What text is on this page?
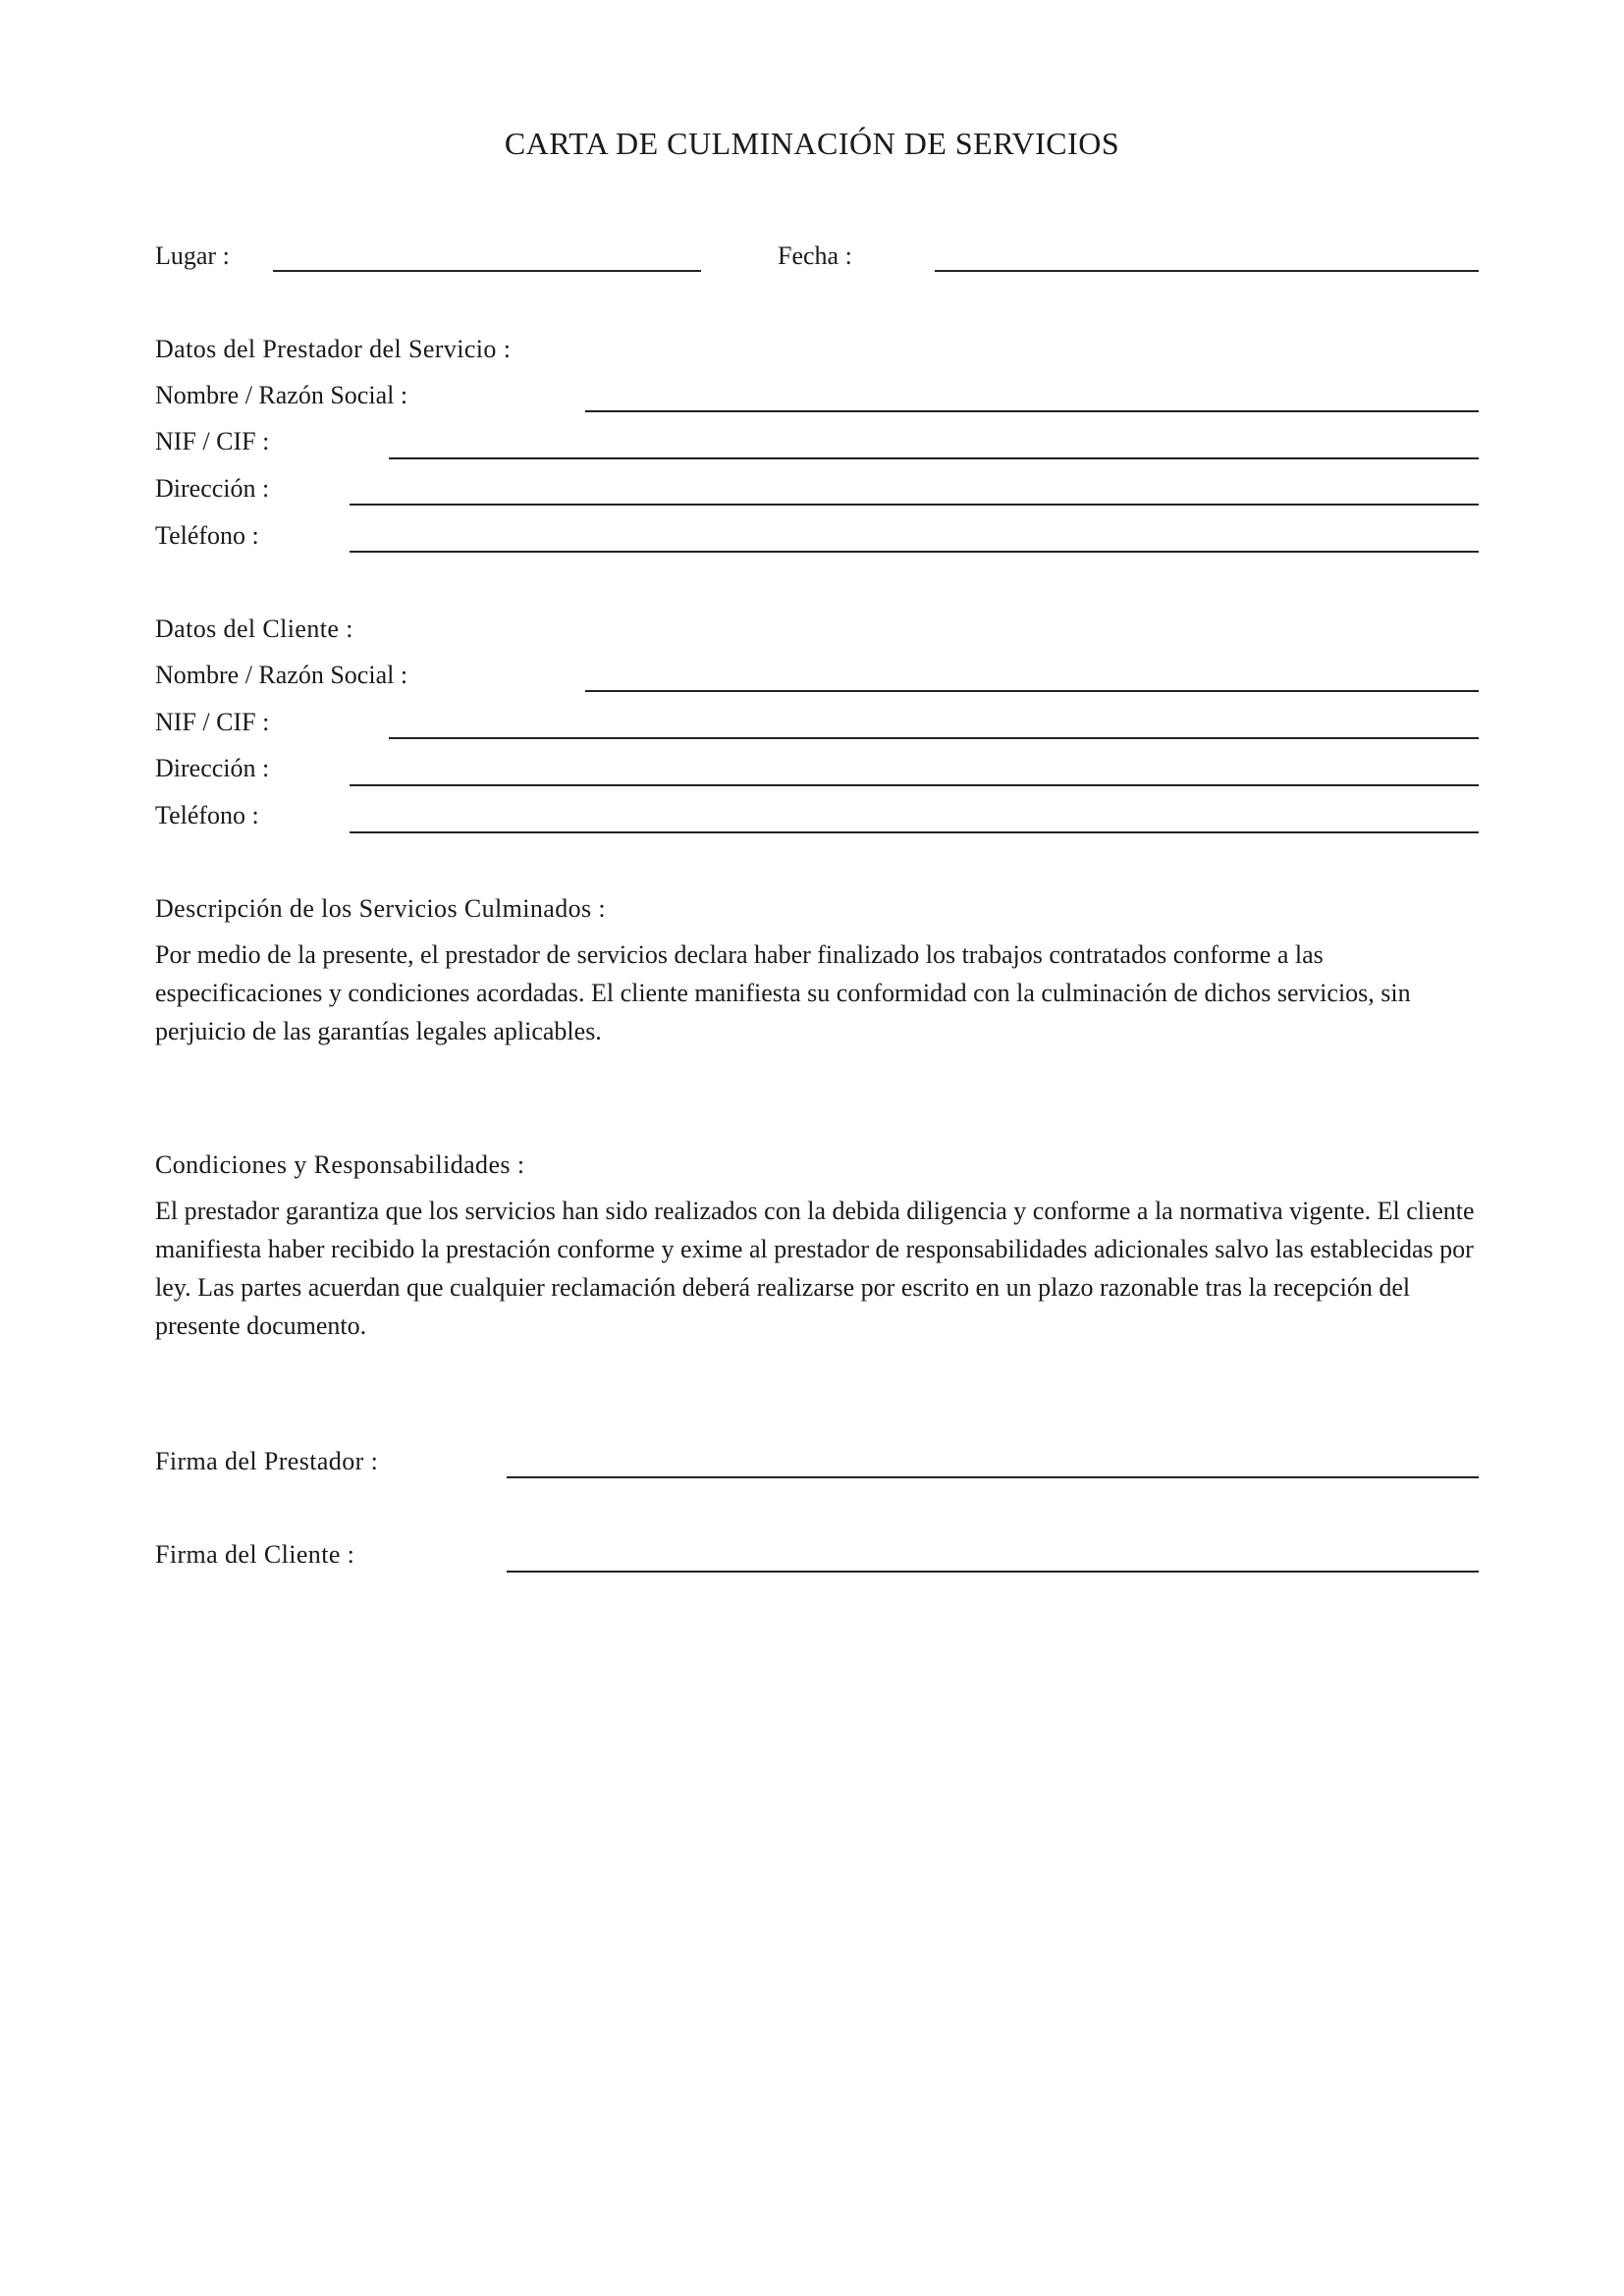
CARTA DE CULMINACIÓN DE SERVICIOS
Lugar :	Fecha :
Datos del Prestador del Servicio :
Nombre / Razón Social :
NIF / CIF :
Dirección :
Teléfono :
Datos del Cliente :
Nombre / Razón Social :
NIF / CIF :
Dirección :
Teléfono :
Descripción de los Servicios Culminados :
Por medio de la presente, el prestador de servicios declara haber finalizado los trabajos contratados conforme a las especificaciones y condiciones acordadas. El cliente manifiesta su conformidad con la culminación de dichos servicios, sin perjuicio de las garantías legales aplicables.
Condiciones y Responsabilidades :
El prestador garantiza que los servicios han sido realizados con la debida diligencia y conforme a la normativa vigente. El cliente manifiesta haber recibido la prestación conforme y exime al prestador de responsabilidades adicionales salvo las establecidas por ley. Las partes acuerdan que cualquier reclamación deberá realizarse por escrito en un plazo razonable tras la recepción del presente documento.
Firma del Prestador :
Firma del Cliente :
